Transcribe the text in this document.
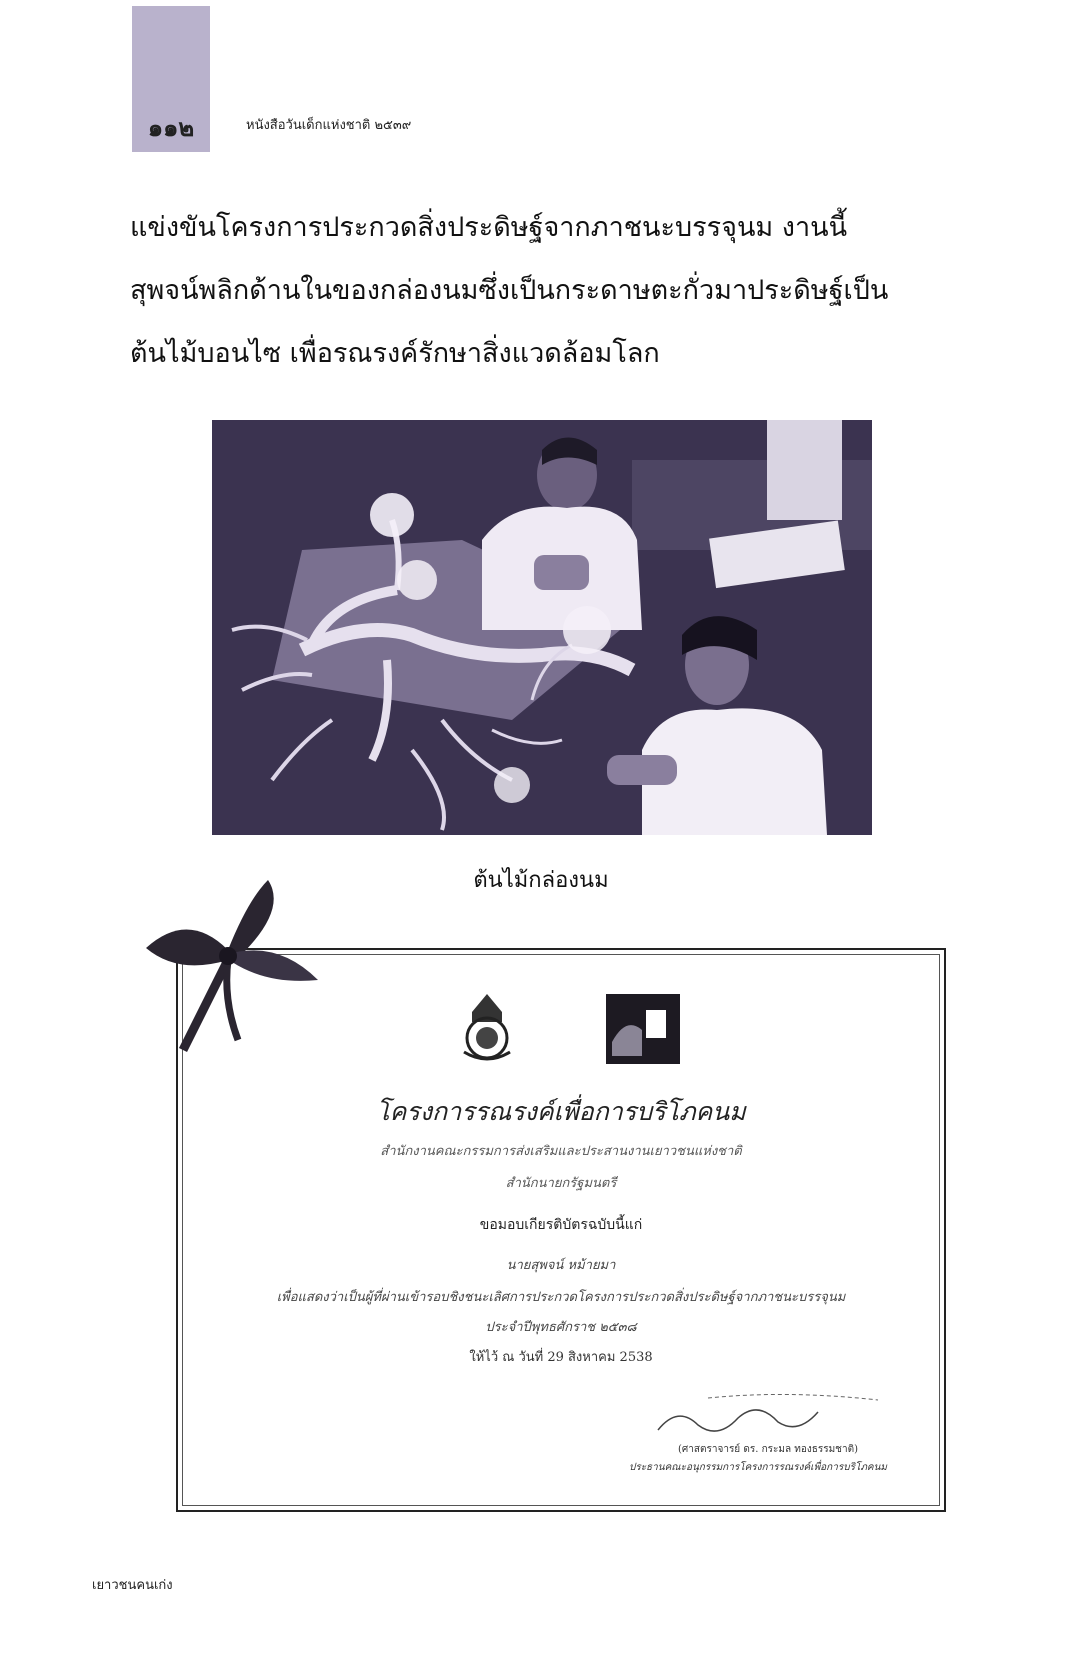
๑๑๒	หนังสือวันเด็กแห่งชาติ ๒๕๓๙
แข่งขันโครงการประกวดสิ่งประดิษฐ์จากภาชนะบรรจุนม งานนี้
สุพจน์พลิกด้านในของกล่องนมซึ่งเป็นกระดาษตะกั่วมาประดิษฐ์เป็น
ต้นไม้บอนไซ เพื่อรณรงค์รักษาสิ่งแวดล้อมโลก
ต้นไม้กล่องนม
โครงการรณรงค์เพื่อการบริโภคนม
สำนักงานคณะกรรมการส่งเสริมและประสานงานเยาวชนแห่งชาติ
สำนักนายกรัฐมนตรี
ขอมอบเกียรติบัตรฉบับนี้แก่
นายสุพจน์ หม้ายมา
เพื่อแสดงว่าเป็นผู้ที่ผ่านเข้ารอบชิงชนะเลิศการประกวดโครงการประกวดสิ่งประดิษฐ์จากภาชนะบรรจุนม
ประจำปีพุทธศักราช ๒๕๓๘
ให้ไว้ ณ วันที่ 29 สิงหาคม 2538
(ศาสตราจารย์ ดร. กระมล ทองธรรมชาติ)
ประธานคณะอนุกรรมการโครงการรณรงค์เพื่อการบริโภคนม
เยาวชนคนเก่ง
